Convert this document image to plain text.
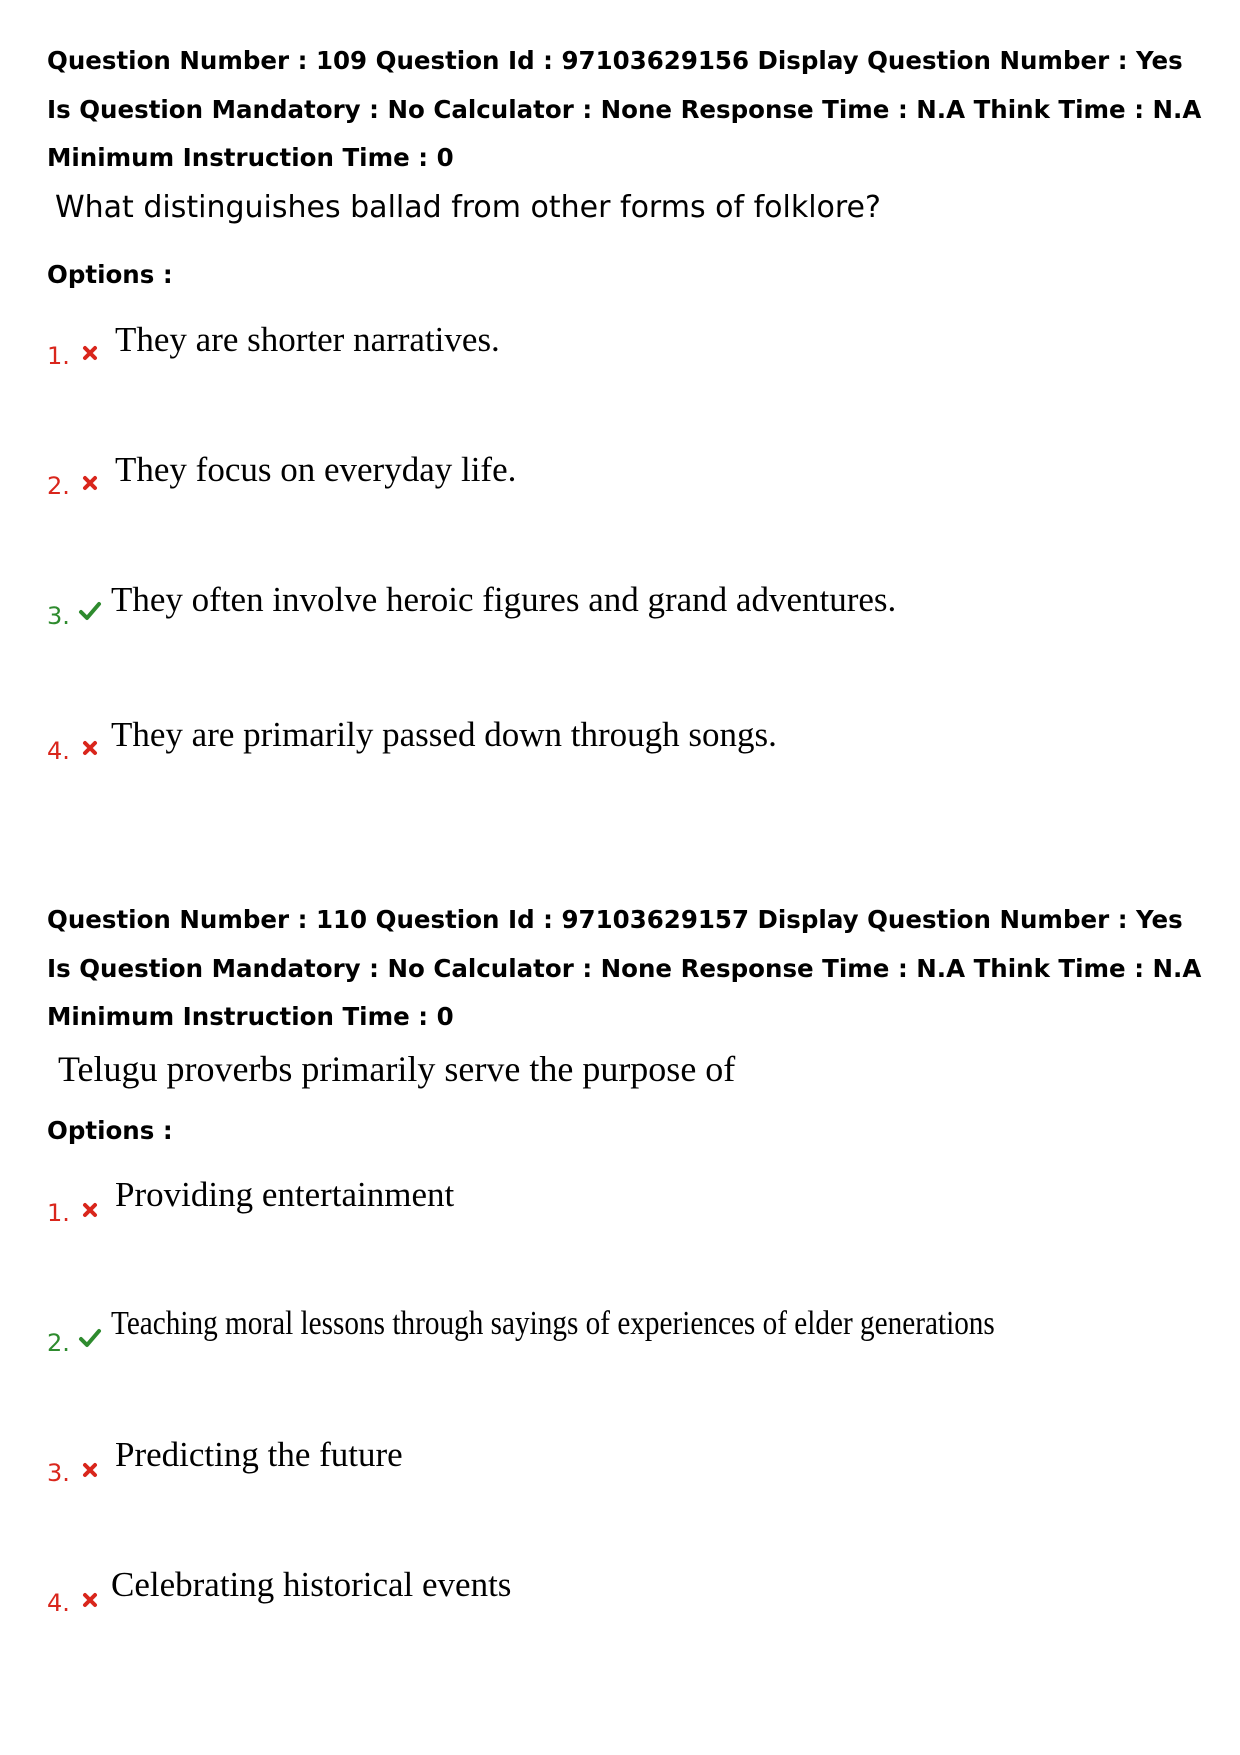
Question Number : 109 Question Id : 97103629156 Display Question Number : Yes Is Question Mandatory : No Calculator : None Response Time : N.A Think Time : N.A Minimum Instruction Time : 0

What distinguishes ballad from other forms of folklore?

Options :

1. They are shorter narratives.
2. They focus on everyday life.
3. They often involve heroic figures and grand adventures.
4. They are primarily passed down through songs.

Question Number : 110 Question Id : 97103629157 Display Question Number : Yes Is Question Mandatory : No Calculator : None Response Time : N.A Think Time : N.A Minimum Instruction Time : 0

Telugu proverbs primarily serve the purpose of

Options :

1. Providing entertainment
2.
Teaching moral lessons through sayings of experiences of elder generations
3. Predicting the future
4. Celebrating historical events
